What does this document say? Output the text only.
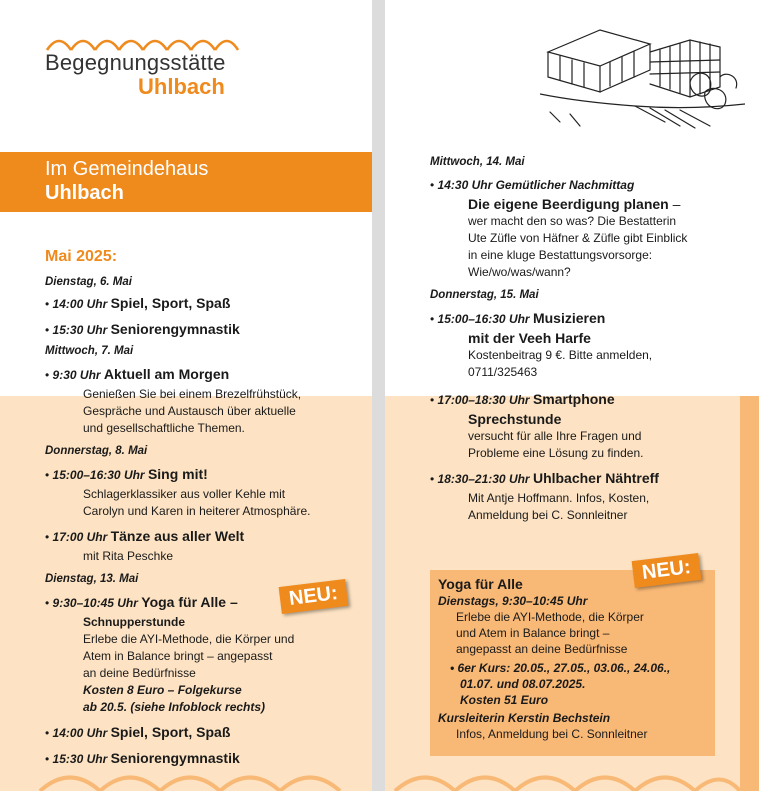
Begegnungsstätte
Uhlbach
Im Gemeindehaus
Uhlbach
Mai 2025:
Dienstag, 6. Mai
• 14:00 Uhr Spiel, Sport, Spaß
• 15:30 Uhr Seniorengymnastik
Mittwoch, 7. Mai
• 9:30 Uhr Aktuell am Morgen
Genießen Sie bei einem Brezelfrühstück,
Gespräche und Austausch über aktuelle
und gesellschaftliche Themen.
Donnerstag, 8. Mai
• 15:00–16:30 Uhr Sing mit!
Schlagerklassiker aus voller Kehle mit
Carolyn und Karen in heiterer Atmosphäre.
• 17:00 Uhr Tänze aus aller Welt
mit Rita Peschke
Dienstag, 13. Mai
• 9:30–10:45 Uhr Yoga für Alle –
Schnupperstunde
Erlebe die AYI-Methode, die Körper und
Atem in Balance bringt – angepasst
an deine Bedürfnisse
Kosten 8 Euro – Folgekurse
ab 20.5. (siehe Infoblock rechts)
• 14:00 Uhr Spiel, Sport, Spaß
• 15:30 Uhr Seniorengymnastik
NEU:
Mittwoch, 14. Mai
• 14:30 Uhr Gemütlicher Nachmittag
Die eigene Beerdigung planen –
wer macht den so was? Die Bestatterin
Ute Züfle von Häfner & Züfle gibt Einblick
in eine kluge Bestattungsvorsorge:
Wie/wo/was/wann?
Donnerstag, 15. Mai
• 15:00–16:30 Uhr Musizieren
mit der Veeh Harfe
Kostenbeitrag 9 €. Bitte anmelden,
0711/325463
• 17:00–18:30 Uhr Smartphone
Sprechstunde
versucht für alle Ihre Fragen und
Probleme eine Lösung zu finden.
• 18:30–21:30 Uhr Uhlbacher Nähtreff
Mit Antje Hoffmann. Infos, Kosten,
Anmeldung bei C. Sonnleitner
Yoga für Alle
Dienstags, 9:30–10:45 Uhr
Erlebe die AYI-Methode, die Körper
und Atem in Balance bringt –
angepasst an deine Bedürfnisse
• 6er Kurs: 20.05., 27.05., 03.06., 24.06.,
01.07. und 08.07.2025.
Kosten 51 Euro
Kursleiterin Kerstin Bechstein
Infos, Anmeldung bei C. Sonnleitner
NEU:
